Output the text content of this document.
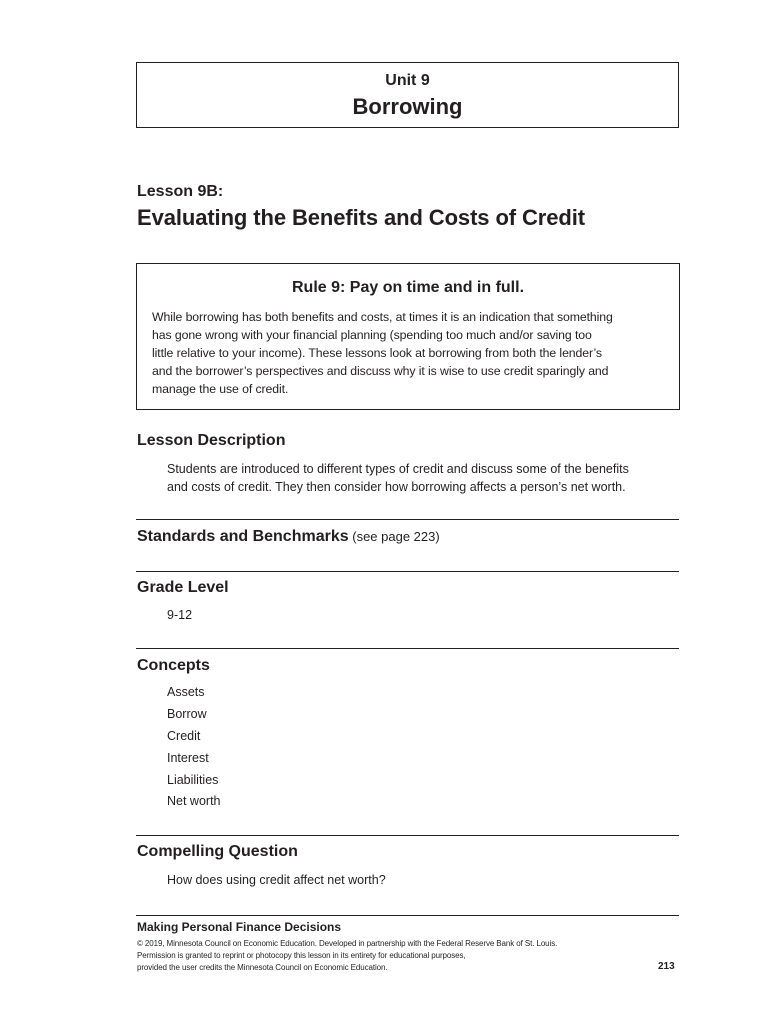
Unit 9
Borrowing
Lesson 9B:
Evaluating the Benefits and Costs of Credit
Rule 9: Pay on time and in full.
While borrowing has both benefits and costs, at times it is an indication that something
has gone wrong with your financial planning (spending too much and/or saving too
little relative to your income). These lessons look at borrowing from both the lender’s
and the borrower’s perspectives and discuss why it is wise to use credit sparingly and
manage the use of credit.
Lesson Description
Students are introduced to different types of credit and discuss some of the benefits
and costs of credit. They then consider how borrowing affects a person’s net worth.
Standards and Benchmarks (see page 223)
Grade Level
9-12
Concepts
Assets
Borrow
Credit
Interest
Liabilities
Net worth
Compelling Question
How does using credit affect net worth?
Making Personal Finance Decisions
© 2019, Minnesota Council on Economic Education. Developed in partnership with the Federal Reserve Bank of St. Louis.
Permission is granted to reprint or photocopy this lesson in its entirety for educational purposes,
provided the user credits the Minnesota Council on Economic Education.	213
